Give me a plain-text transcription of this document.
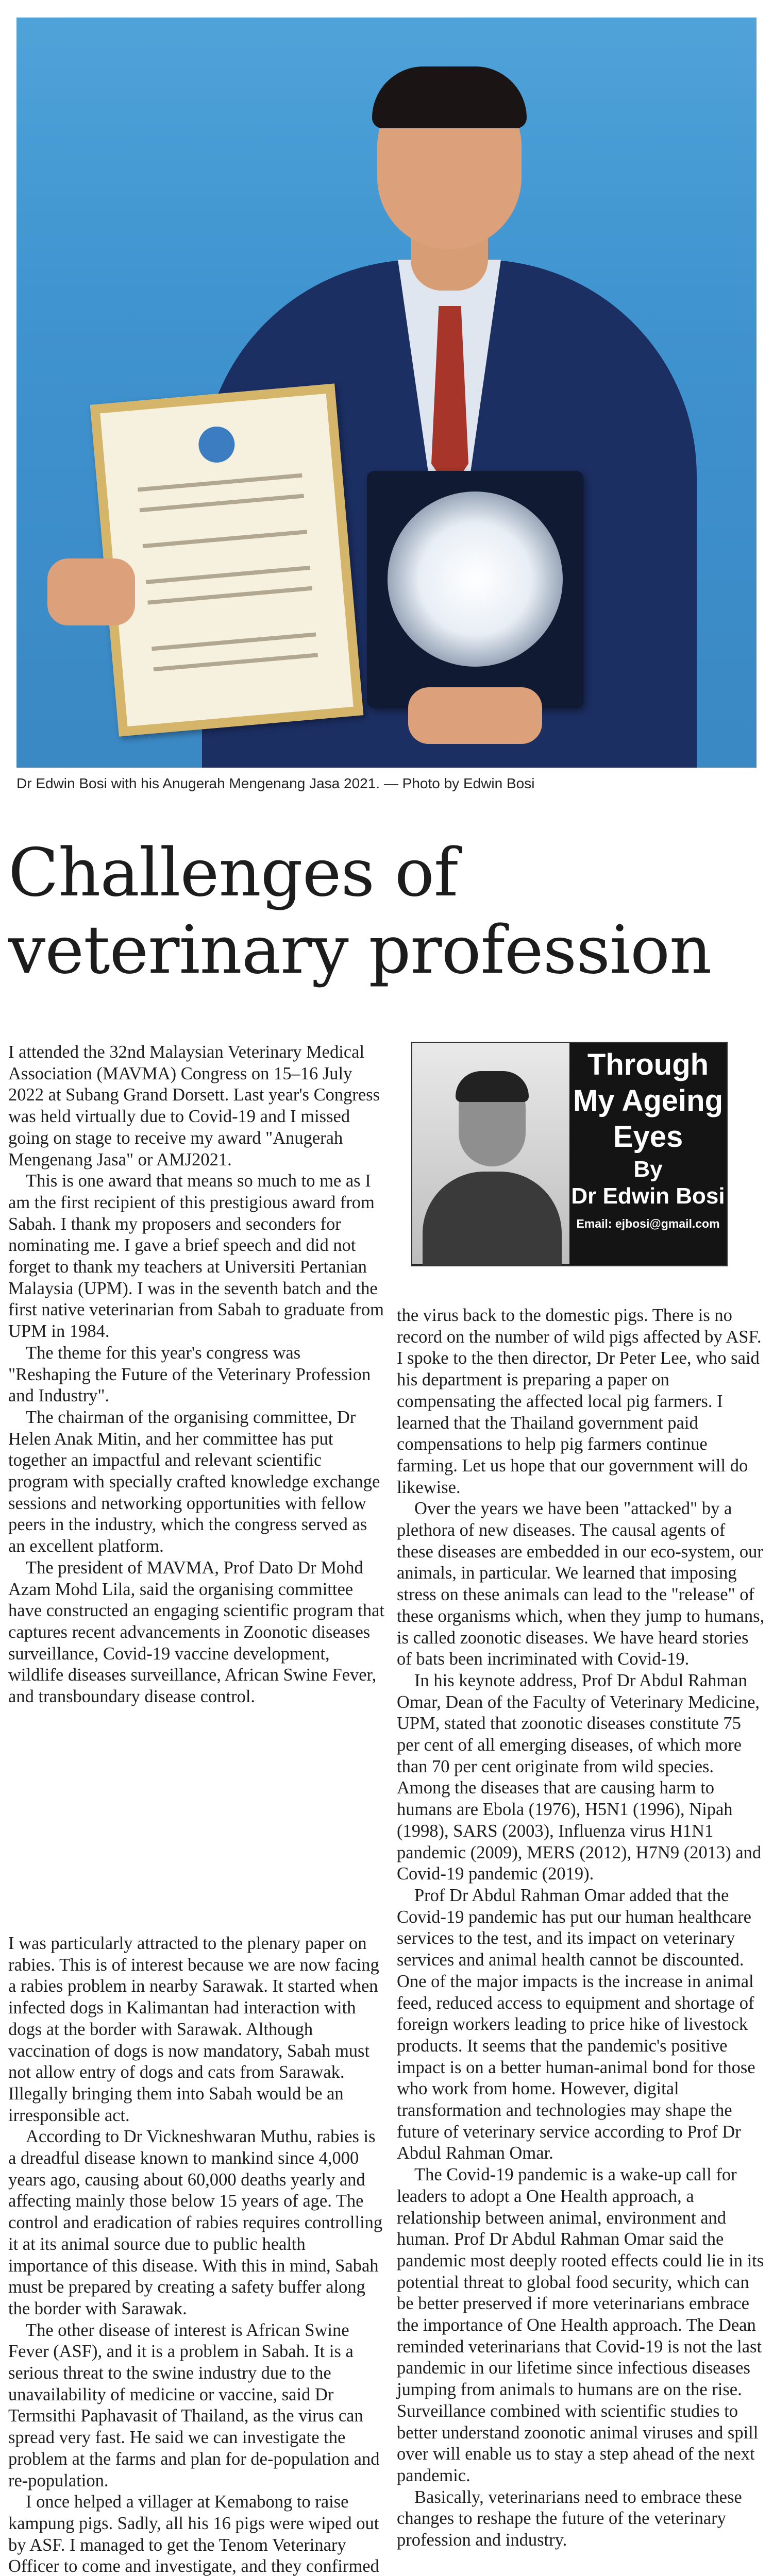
Dr Edwin Bosi with his Anugerah Mengenang Jasa 2021. — Photo by Edwin Bosi
Challenges of
veterinary profession
Through
My Ageing
Eyes
By
Dr Edwin Bosi
Email: ejbosi@gmail.com

I attended the 32nd Malaysian Veterinary Medical Association (MAVMA) Congress on 15–16 July 2022 at Subang Grand Dorsett. Last year's Congress was held virtually due to Covid-19 and I missed going on stage to receive my award "Anugerah Mengenang Jasa" or AMJ2021.

This is one award that means so much to me as I am the first recipient of this prestigious award from Sabah. I thank my proposers and seconders for nominating me. I gave a brief speech and did not forget to thank my teachers at Universiti Pertanian Malaysia (UPM). I was in the seventh batch and the first native veterinarian from Sabah to graduate from UPM in 1984.

The theme for this year's congress was "Reshaping the Future of the Veterinary Profession and Industry".

The chairman of the organising committee, Dr Helen Anak Mitin, and her committee has put together an impactful and relevant scientific program with specially crafted knowledge exchange sessions and networking opportunities with fellow peers in the industry, which the congress served as an excellent platform.

The president of MAVMA, Prof Dato Dr Mohd Azam Mohd Lila, said the organising committee have constructed an engaging scientific program that captures recent advancements in Zoonotic diseases surveillance, Covid-19 vaccine development, wildlife diseases surveillance, African Swine Fever, and transboundary disease control.

I was particularly attracted to the plenary paper on rabies. This is of interest because we are now facing a rabies problem in nearby Sarawak. It started when infected dogs in Kalimantan had interaction with dogs at the border with Sarawak. Although vaccination of dogs is now mandatory, Sabah must not allow entry of dogs and cats from Sarawak. Illegally bringing them into Sabah would be an irresponsible act.

According to Dr Vickneshwaran Muthu, rabies is a dreadful disease known to mankind since 4,000 years ago, causing about 60,000 deaths yearly and affecting mainly those below 15 years of age. The control and eradication of rabies requires controlling it at its animal source due to public health importance of this disease. With this in mind, Sabah must be prepared by creating a safety buffer along the border with Sarawak.

The other disease of interest is African Swine Fever (ASF), and it is a problem in Sabah. It is a serious threat to the swine industry due to the unavailability of medicine or vaccine, said Dr Termsithi Paphavasit of Thailand, as the virus can spread very fast. He said we can investigate the problem at the farms and plan for de-population and re-population.

I once helped a villager at Kemabong to raise kampung pigs. Sadly, all his 16 pigs were wiped out by ASF. I managed to get the Tenom Veterinary Officer to come and investigate, and they confirmed

the virus back to the domestic pigs. There is no record on the number of wild pigs affected by ASF. I spoke to the then director, Dr Peter Lee, who said his department is preparing a paper on compensating the affected local pig farmers. I learned that the Thailand government paid compensations to help pig farmers continue farming. Let us hope that our government will do likewise.

Over the years we have been "attacked" by a plethora of new diseases. The causal agents of these diseases are embedded in our eco-system, our animals, in particular. We learned that imposing stress on these animals can lead to the "release" of these organisms which, when they jump to humans, is called zoonotic diseases. We have heard stories of bats been incriminated with Covid-19.

In his keynote address, Prof Dr Abdul Rahman Omar, Dean of the Faculty of Veterinary Medicine, UPM, stated that zoonotic diseases constitute 75 per cent of all emerging diseases, of which more than 70 per cent originate from wild species. Among the diseases that are causing harm to humans are Ebola (1976), H5N1 (1996), Nipah (1998), SARS (2003), Influenza virus H1N1 pandemic (2009), MERS (2012), H7N9 (2013) and Covid-19 pandemic (2019).

Prof Dr Abdul Rahman Omar added that the Covid-19 pandemic has put our human healthcare services to the test, and its impact on veterinary services and animal health cannot be discounted. One of the major impacts is the increase in animal feed, reduced access to equipment and shortage of foreign workers leading to price hike of livestock products. It seems that the pandemic's positive impact is on a better human-animal bond for those who work from home. However, digital transformation and technologies may shape the future of veterinary service according to Prof Dr Abdul Rahman Omar.

The Covid-19 pandemic is a wake-up call for leaders to adopt a One Health approach, a relationship between animal, environment and human. Prof Dr Abdul Rahman Omar said the pandemic most deeply rooted effects could lie in its potential threat to global food security, which can be better preserved if more veterinarians embrace the importance of One Health approach. The Dean reminded veterinarians that Covid-19 is not the last pandemic in our lifetime since infectious diseases jumping from animals to humans are on the rise. Surveillance combined with scientific studies to better understand zoonotic animal viruses and spill over will enable us to stay a step ahead of the next pandemic.

Basically, veterinarians need to embrace these changes to reshape the future of the veterinary profession and industry.
